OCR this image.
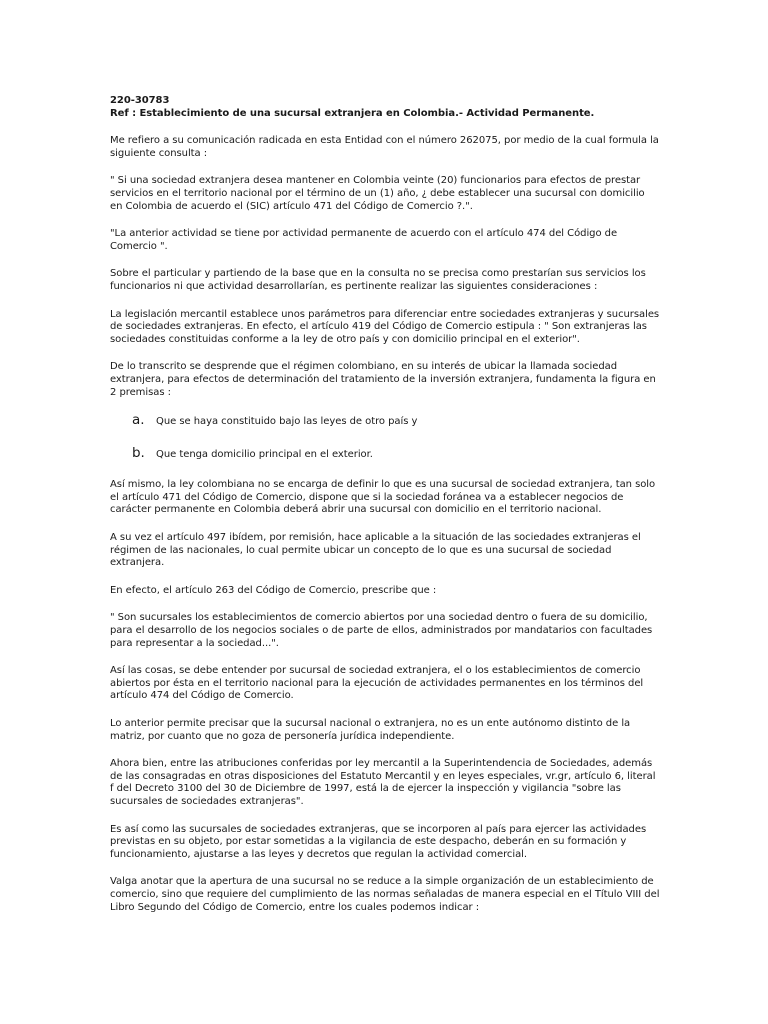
220-30783
Ref : Establecimiento de una sucursal extranjera en Colombia.- Actividad Permanente.

Me refiero a su comunicación radicada en esta Entidad con el número 262075, por medio de la cual formula la siguiente consulta :

" Si una sociedad extranjera desea mantener en Colombia veinte (20) funcionarios para efectos de prestar servicios en el territorio nacional por el término de un (1) año, ¿ debe establecer una sucursal con domicilio en Colombia de acuerdo el (SIC) artículo 471 del Código de Comercio ?.".

"La anterior actividad se tiene por actividad permanente de acuerdo con el artículo 474 del Código de Comercio ".

Sobre el particular y partiendo de la base que en la consulta no se precisa como prestarían sus servicios los funcionarios ni que actividad desarrollarían, es pertinente realizar las siguientes consideraciones :

La legislación mercantil establece unos parámetros para diferenciar entre sociedades extranjeras y sucursales de sociedades extranjeras. En efecto, el artículo 419 del Código de Comercio estipula : " Son extranjeras las sociedades constituidas conforme a la ley de otro país y con domicilio principal en el exterior".

De lo transcrito se desprende que el régimen colombiano, en su interés de ubicar la llamada sociedad extranjera, para efectos de determinación del tratamiento de la inversión extranjera, fundamenta la figura en 2 premisas :

a.	Que se haya constituido bajo las leyes de otro país y
b.	Que tenga domicilio principal en el exterior.

Así mismo, la ley colombiana no se encarga de definir lo que es una sucursal de sociedad extranjera, tan solo el artículo 471 del Código de Comercio, dispone que si la sociedad foránea va a establecer negocios de carácter permanente en Colombia deberá abrir una sucursal con domicilio en el territorio nacional.

A su vez el artículo 497 ibídem, por remisión, hace aplicable a la situación de las sociedades extranjeras el régimen de las nacionales, lo cual permite ubicar un concepto de lo que es una sucursal de sociedad extranjera.

En efecto, el artículo 263 del Código de Comercio, prescribe que :

" Son sucursales los establecimientos de comercio abiertos por una sociedad dentro o fuera de su domicilio, para el desarrollo de los negocios sociales o de parte de ellos, administrados por mandatarios con facultades para representar a la sociedad...".

Así las cosas, se debe entender por sucursal de sociedad extranjera, el o los establecimientos de comercio abiertos por ésta en el territorio nacional para la ejecución de actividades permanentes en los términos del artículo 474 del Código de Comercio.

Lo anterior permite precisar que la sucursal nacional o extranjera, no es un ente autónomo distinto de la matriz, por cuanto que no goza de personería jurídica independiente.

Ahora bien, entre las atribuciones conferidas por ley mercantil a la Superintendencia de Sociedades, además de las consagradas en otras disposiciones del Estatuto Mercantil y en leyes especiales, vr.gr, artículo 6, literal f del Decreto 3100 del 30 de Diciembre de 1997, está la de ejercer la inspección y vigilancia "sobre las sucursales de sociedades extranjeras".

Es así como las sucursales de sociedades extranjeras, que se incorporen al país para ejercer las actividades previstas en su objeto, por estar sometidas a la vigilancia de este despacho, deberán en su formación y funcionamiento, ajustarse a las leyes y decretos que regulan la actividad comercial.

Valga anotar que la apertura de una sucursal no se reduce a la simple organización de un establecimiento de comercio, sino que requiere del cumplimiento de las normas señaladas de manera especial en el Título VIII del Libro Segundo del Código de Comercio, entre los cuales podemos indicar :
